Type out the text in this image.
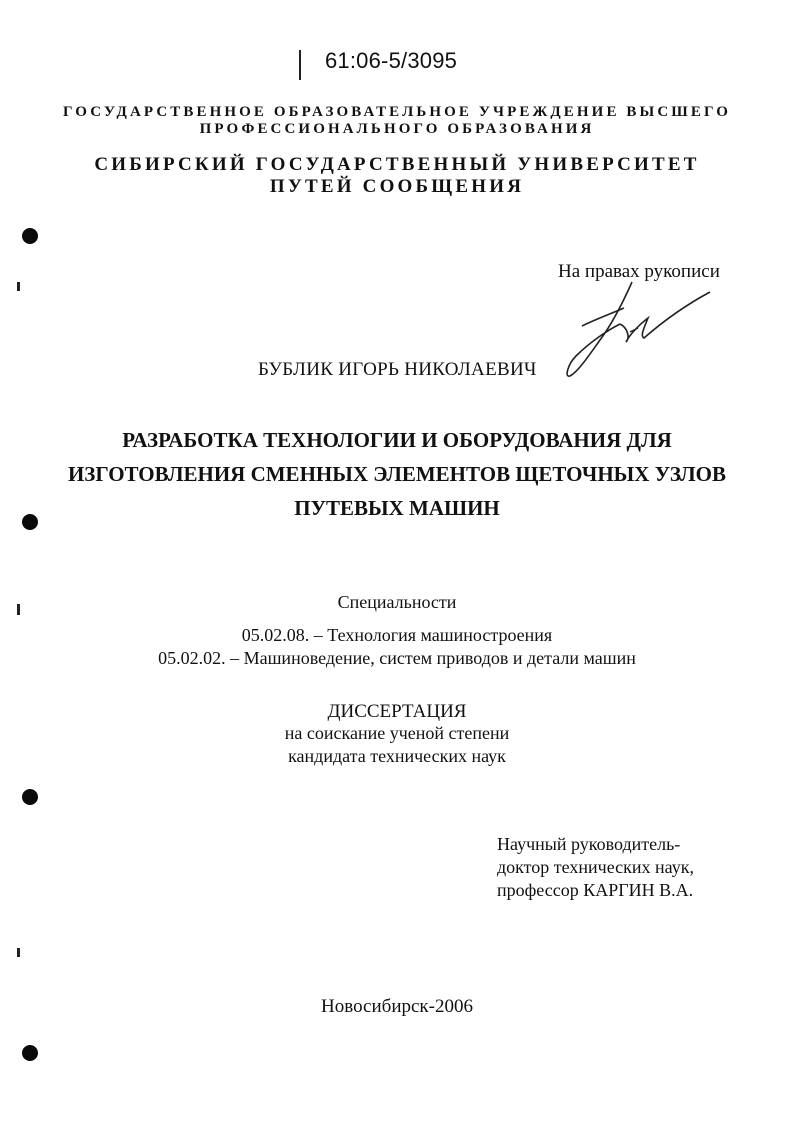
61:06-5/3095
ГОСУДАРСТВЕННОЕ ОБРАЗОВАТЕЛЬНОЕ УЧРЕЖДЕНИЕ ВЫСШЕГО
ПРОФЕССИОНАЛЬНОГО ОБРАЗОВАНИЯ
СИБИРСКИЙ ГОСУДАРСТВЕННЫЙ УНИВЕРСИТЕТ
ПУТЕЙ СООБЩЕНИЯ
На правах рукописи
БУБЛИК ИГОРЬ НИКОЛАЕВИЧ
РАЗРАБОТКА ТЕХНОЛОГИИ И ОБОРУДОВАНИЯ ДЛЯ
ИЗГОТОВЛЕНИЯ СМЕННЫХ ЭЛЕМЕНТОВ ЩЕТОЧНЫХ УЗЛОВ
ПУТЕВЫХ МАШИН
Специальности
05.02.08. – Технология машиностроения
05.02.02. – Машиноведение, систем приводов и детали машин
ДИССЕРТАЦИЯ
на соискание ученой степени
кандидата технических наук
Научный руководитель-
доктор технических наук,
профессор КАРГИН В.А.
Новосибирск-2006
